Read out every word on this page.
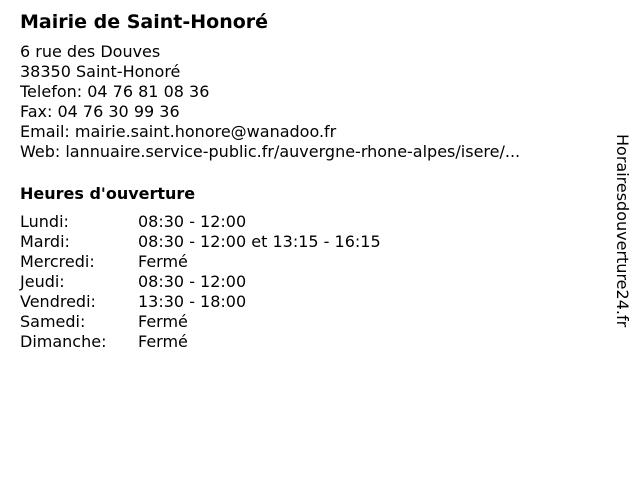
Mairie de Saint-Honoré
6 rue des Douves
38350 Saint-Honoré
Telefon: 04 76 81 08 36
Fax: 04 76 30 99 36
Email: mairie.saint.honore@wanadoo.fr
Web: lannuaire.service-public.fr/auvergne-rhone-alpes/isere/...
Heures d'ouverture
Lundi:	08:30 - 12:00
Mardi:	08:30 - 12:00 et 13:15 - 16:15
Mercredi:	Fermé
Jeudi:	08:30 - 12:00
Vendredi:	13:30 - 18:00
Samedi:	Fermé
Dimanche:	Fermé
Horairesdouverture24.fr
